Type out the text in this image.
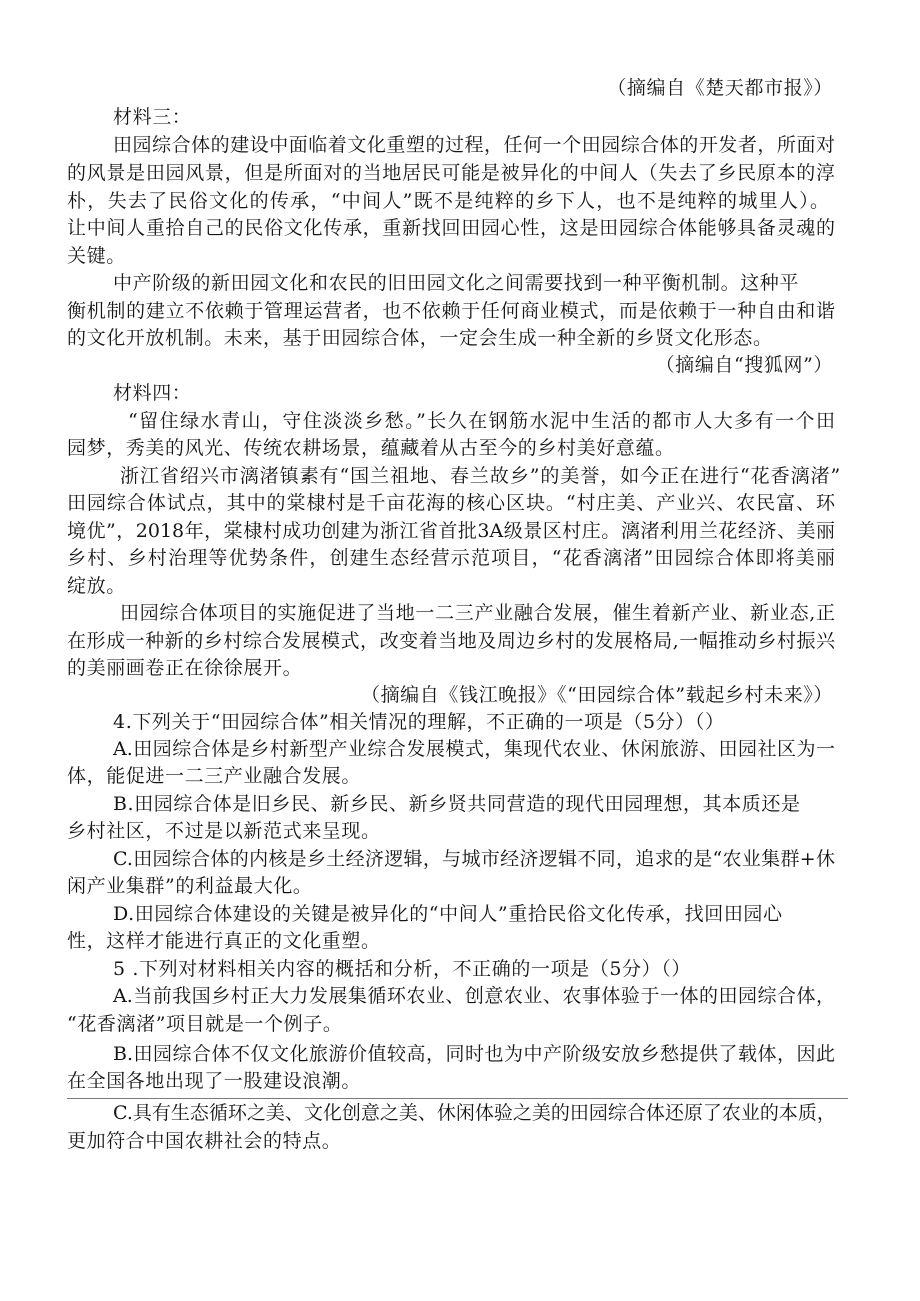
（摘编自《楚天都市报》）
材料三：
田园综合体的建设中面临着文化重塑的过程，任何一个田园综合体的开发者，所面对
的风景是田园风景，但是所面对的当地居民可能是被异化的中间人（失去了乡民原本的淳
朴，失去了民俗文化的传承，“中间人”既不是纯粹的乡下人，也不是纯粹的城里人）。
让中间人重拾自己的民俗文化传承，重新找回田园心性，这是田园综合体能够具备灵魂的
关键。
中产阶级的新田园文化和农民的旧田园文化之间需要找到一种平衡机制。这种平
衡机制的建立不依赖于管理运营者，也不依赖于任何商业模式，而是依赖于一种自由和谐
的文化开放机制。未来，基于田园综合体，一定会生成一种全新的乡贤文化形态。
（摘编自“搜狐网”）
材料四：
“留住绿水青山，守住淡淡乡愁。”长久在钢筋水泥中生活的都市人大多有一个田
园梦，秀美的风光、传统农耕场景，蕴藏着从古至今的乡村美好意蕴。
浙江省绍兴市漓渚镇素有“国兰祖地、春兰故乡”的美誉，如今正在进行“花香漓渚”
田园综合体试点，其中的棠棣村是千亩花海的核心区块。“村庄美、产业兴、农民富、环
境优”，2018年，棠棣村成功创建为浙江省首批3A级景区村庄。漓渚利用兰花经济、美丽
乡村、乡村治理等优势条件，创建生态经营示范项目，“花香漓渚”田园综合体即将美丽
绽放。
田园综合体项目的实施促进了当地一二三产业融合发展，催生着新产业、新业态,正
在形成一种新的乡村综合发展模式，改变着当地及周边乡村的发展格局,一幅推动乡村振兴
的美丽画卷正在徐徐展开。
（摘编自《钱江晚报》《“田园综合体”载起乡村未来》）
4.下列关于“田园综合体”相关情况的理解，不正确的一项是（5分）（）
A.田园综合体是乡村新型产业综合发展模式，集现代农业、休闲旅游、田园社区为一
体，能促进一二三产业融合发展。
B.田园综合体是旧乡民、新乡民、新乡贤共同营造的现代田园理想，其本质还是
乡村社区，不过是以新范式来呈现。
C.田园综合体的内核是乡土经济逻辑，与城市经济逻辑不同，追求的是“农业集群+休
闲产业集群”的利益最大化。
D.田园综合体建设的关键是被异化的“中间人”重拾民俗文化传承，找回田园心
性，这样才能进行真正的文化重塑。
5 .下列对材料相关内容的概括和分析，不正确的一项是（5分）（）
A.当前我国乡村正大力发展集循环农业、创意农业、农事体验于一体的田园综合体，
“花香漓渚”项目就是一个例子。
B.田园综合体不仅文化旅游价值较高，同时也为中产阶级安放乡愁提供了载体，因此
在全国各地出现了一股建设浪潮。
C.具有生态循环之美、文化创意之美、休闲体验之美的田园综合体还原了农业的本质，
更加符合中国农耕社会的特点。
